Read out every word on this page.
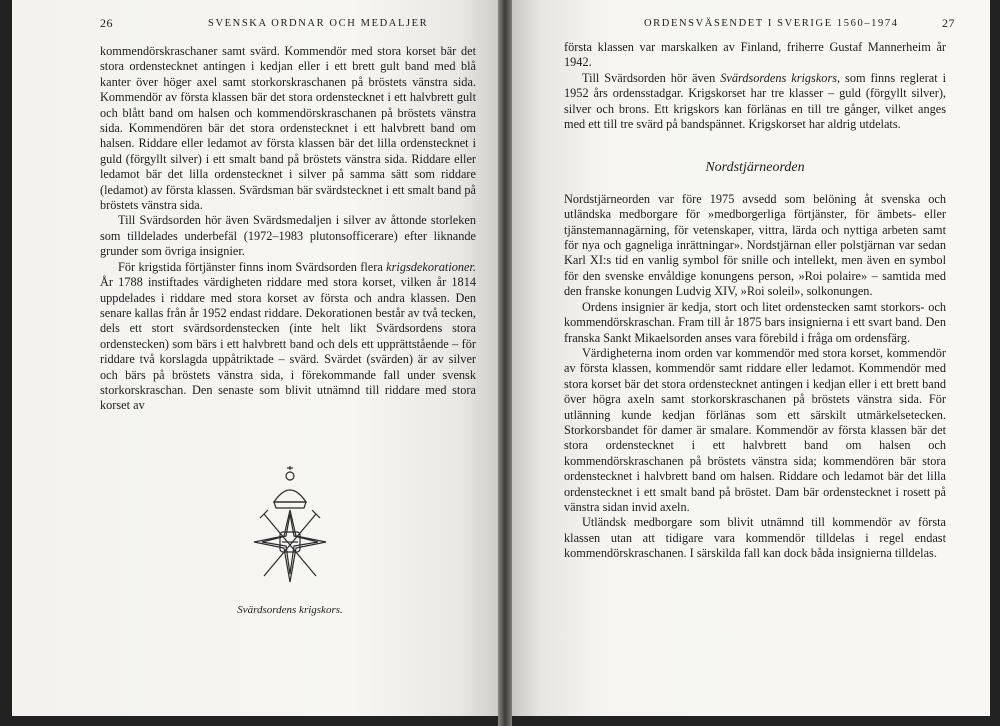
26	SVENSKA ORDNAR OCH MEDALJER

kommendörskraschaner samt svärd. Kommendör med stora korset bär det stora ordenstecknet antingen i kedjan eller i ett brett gult band med blå kanter över höger axel samt storkorskraschanen på bröstets vänstra sida. Kommendör av första klassen bär det stora ordenstecknet i ett halvbrett gult och blått band om halsen och kommendörskraschanen på bröstets vänstra sida. Kommendören bär det stora ordenstecknet i ett halvbrett band om halsen. Riddare eller ledamot av första klassen bär det lilla ordenstecknet i guld (förgyllt silver) i ett smalt band på bröstets vänstra sida. Riddare eller ledamot bär det lilla ordenstecknet i silver på samma sätt som riddare (ledamot) av första klassen. Svärdsman bär svärdstecknet i ett smalt band på bröstets vänstra sida.

Till Svärdsorden hör även Svärdsmedaljen i silver av åttonde storleken som tilldelades underbefäl (1972–1983 plutonsofficerare) efter liknande grunder som övriga insignier.

För krigstida förtjänster finns inom Svärdsorden flera krigsdekorationer. År 1788 instiftades värdigheten riddare med stora korset, vilken år 1814 uppdelades i riddare med stora korset av första och andra klassen. Den senare kallas från år 1952 endast riddare. Dekorationen består av två tecken, dels ett stort svärdsordenstecken (inte helt likt Svärdsordens stora ordenstecken) som bärs i ett halvbrett band och dels ett upprättstående – för riddare två korslagda uppåtriktade – svärd. Svärdet (svärden) är av silver och bärs på bröstets vänstra sida, i förekommande fall under svensk storkorskraschan. Den senaste som blivit utnämnd till riddare med stora korset av

Svärdsordens krigskors.
ORDENSVÄSENDET I SVERIGE 1560–1974	27

första klassen var marskalken av Finland, friherre Gustaf Mannerheim år 1942.

Till Svärdsorden hör även Svärdsordens krigskors, som finns reglerat i 1952 års ordensstadgar. Krigskorset har tre klasser – guld (förgyllt silver), silver och brons. Ett krigskors kan förlänas en till tre gånger, vilket anges med ett till tre svärd på bandspännet. Krigskorset har aldrig utdelats.

Nordstjärneorden

Nordstjärneorden var före 1975 avsedd som belöning åt svenska och utländska medborgare för »medborgerliga förtjänster, för ämbets- eller tjänstemannagärning, för vetenskaper, vittra, lärda och nyttiga arbeten samt för nya och gagneliga inrättningar». Nordstjärnan eller polstjärnan var sedan Karl XI:s tid en vanlig symbol för snille och intellekt, men även en symbol för den svenske envåldige konungens person, »Roi polaire» – samtida med den franske konungen Ludvig XIV, »Roi soleil», solkonungen.

Ordens insignier är kedja, stort och litet ordenstecken samt storkors- och kommendörskraschan. Fram till år 1875 bars insignierna i ett svart band. Den franska Sankt Mikaelsorden anses vara förebild i fråga om ordensfärg.

Värdigheterna inom orden var kommendör med stora korset, kommendör av första klassen, kommendör samt riddare eller ledamot. Kommendör med stora korset bär det stora ordenstecknet antingen i kedjan eller i ett brett band över högra axeln samt storkorskraschanen på bröstets vänstra sida. För utlänning kunde kedjan förlänas som ett särskilt utmärkelsetecken. Storkorsbandet för damer är smalare. Kommendör av första klassen bär det stora ordenstecknet i ett halvbrett band om halsen och kommendörskraschanen på bröstets vänstra sida; kommendören bär stora ordenstecknet i halvbrett band om halsen. Riddare och ledamot bär det lilla ordenstecknet i ett smalt band på bröstet. Dam bär ordenstecknet i rosett på vänstra sidan invid axeln.

Utländsk medborgare som blivit utnämnd till kommendör av första klassen utan att tidigare vara kommendör tilldelas i regel endast kommendörskraschanen. I särskilda fall kan dock båda insignierna tilldelas.
